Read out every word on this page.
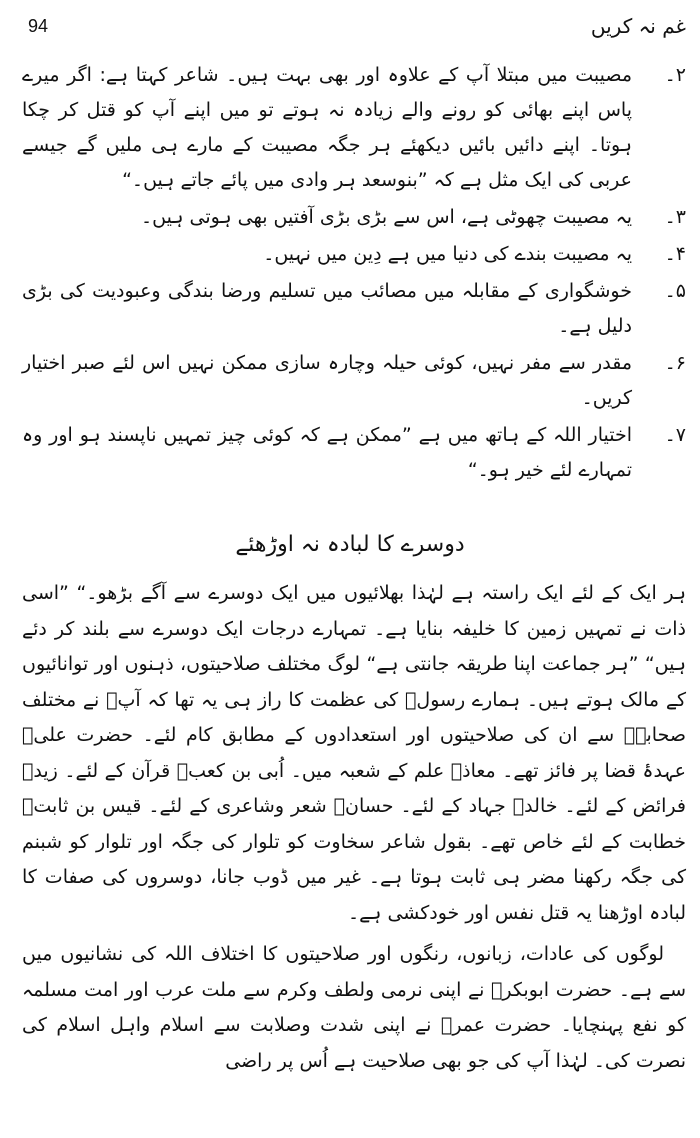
94	غم نہ کریں
۲۔
مصیبت میں مبتلا آپ کے علاوہ اور بھی بہت ہیں۔ شاعر کہتا ہے: اگر میرے پاس اپنے بھائی کو رونے والے زیادہ نہ ہوتے تو میں اپنے آپ کو قتل کر چکا ہوتا۔ اپنے دائیں بائیں دیکھئے ہر جگہ مصیبت کے مارے ہی ملیں گے جیسے عربی کی ایک مثل ہے کہ ”بنوسعد ہر وادی میں پائے جاتے ہیں۔“
۳۔
یہ مصیبت چھوٹی ہے، اس سے بڑی بڑی آفتیں بھی ہوتی ہیں۔
۴۔
یہ مصیبت بندے کی دنیا میں ہے دِین میں نہیں۔
۵۔
خوشگواری کے مقابلہ میں مصائب میں تسلیم ورضا بندگی وعبودیت کی بڑی دلیل ہے۔
۶۔
مقدر سے مفر نہیں، کوئی حیلہ وچارہ سازی ممکن نہیں اس لئے صبر اختیار کریں۔
۷۔
اختیار اللہ کے ہاتھ میں ہے ”ممکن ہے کہ کوئی چیز تمہیں ناپسند ہو اور وہ تمہارے لئے خیر ہو۔“
دوسرے کا لبادہ نہ اوڑھئے

ہر ایک کے لئے ایک راستہ ہے لہٰذا بھلائیوں میں ایک دوسرے سے آگے بڑھو۔“ ”اسی ذات نے تمہیں زمین کا خلیفہ بنایا ہے۔ تمہارے درجات ایک دوسرے سے بلند کر دئے ہیں“ ”ہر جماعت اپنا طریقہ جانتی ہے“ لوگ مختلف صلاحیتوں، ذہنوں اور توانائیوں کے مالک ہوتے ہیں۔ ہمارے رسولؐ کی عظمت کا راز ہی یہ تھا کہ آپؐ نے مختلف صحابہؓ سے ان کی صلاحیتوں اور استعدادوں کے مطابق کام لئے۔ حضرت علیؓ عہدۂ قضا پر فائز تھے۔ معاذؓ علم کے شعبہ میں۔ اُبی بن کعبؓ قرآن کے لئے۔ زیدؓ فرائض کے لئے۔ خالدؓ جہاد کے لئے۔ حسانؓ شعر وشاعری کے لئے۔ قیس بن ثابتؓ خطابت کے لئے خاص تھے۔ بقول شاعر سخاوت کو تلوار کی جگہ اور تلوار کو شبنم کی جگہ رکھنا مضر ہی ثابت ہوتا ہے۔ غیر میں ڈوب جانا، دوسروں کی صفات کا لبادہ اوڑھنا یہ قتل نفس اور خودکشی ہے۔

لوگوں کی عادات، زبانوں، رنگوں اور صلاحیتوں کا اختلاف اللہ کی نشانیوں میں سے ہے۔ حضرت ابوبکرؓ نے اپنی نرمی ولطف وکرم سے ملت عرب اور امت مسلمہ کو نفع پہنچایا۔ حضرت عمرؓ نے اپنی شدت وصلابت سے اسلام واہل اسلام کی نصرت کی۔ لہٰذا آپ کی جو بھی صلاحیت ہے اُس پر راضی
